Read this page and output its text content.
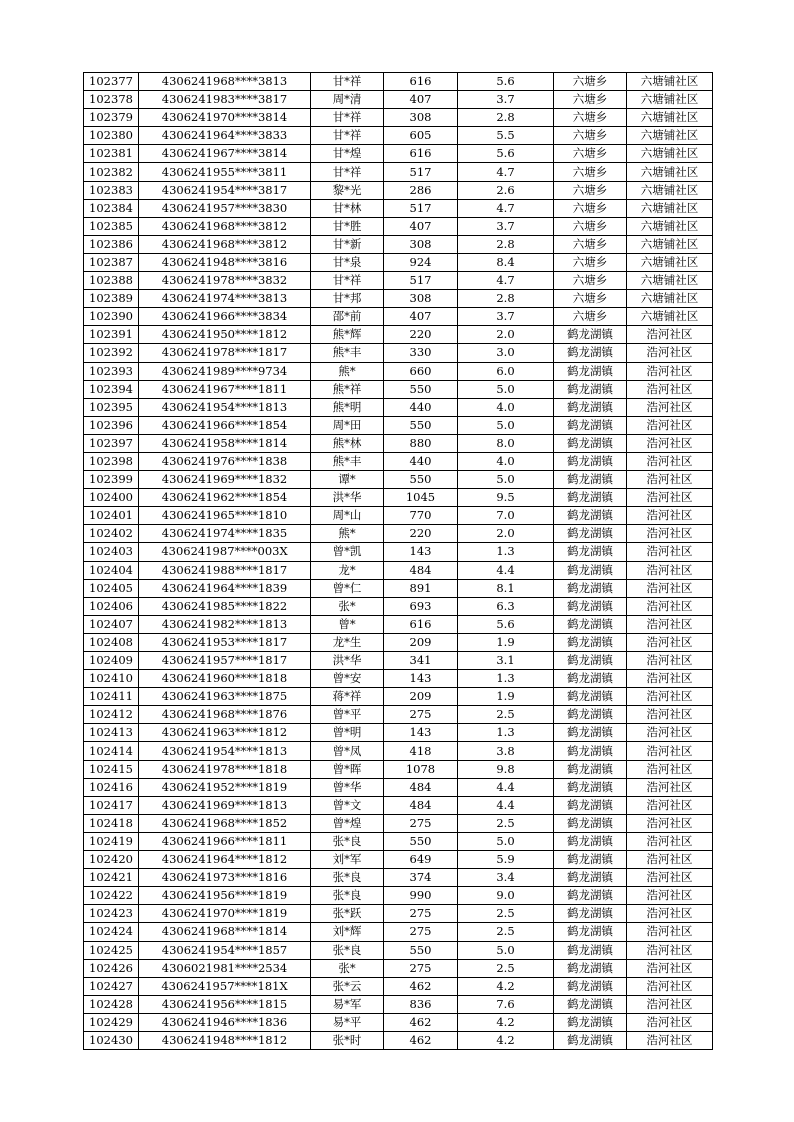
102377	4306241968****3813	甘*祥	616	5.6	六塘乡	六塘铺社区
102378	4306241983****3817	周*清	407	3.7	六塘乡	六塘铺社区
102379	4306241970****3814	甘*祥	308	2.8	六塘乡	六塘铺社区
102380	4306241964****3833	甘*祥	605	5.5	六塘乡	六塘铺社区
102381	4306241967****3814	甘*煌	616	5.6	六塘乡	六塘铺社区
102382	4306241955****3811	甘*祥	517	4.7	六塘乡	六塘铺社区
102383	4306241954****3817	黎*光	286	2.6	六塘乡	六塘铺社区
102384	4306241957****3830	甘*林	517	4.7	六塘乡	六塘铺社区
102385	4306241968****3812	甘*胜	407	3.7	六塘乡	六塘铺社区
102386	4306241968****3812	甘*新	308	2.8	六塘乡	六塘铺社区
102387	4306241948****3816	甘*泉	924	8.4	六塘乡	六塘铺社区
102388	4306241978****3832	甘*祥	517	4.7	六塘乡	六塘铺社区
102389	4306241974****3813	甘*邦	308	2.8	六塘乡	六塘铺社区
102390	4306241966****3834	邵*前	407	3.7	六塘乡	六塘铺社区
102391	4306241950****1812	熊*辉	220	2.0	鹤龙湖镇	浩河社区
102392	4306241978****1817	熊*丰	330	3.0	鹤龙湖镇	浩河社区
102393	4306241989****9734	熊*	660	6.0	鹤龙湖镇	浩河社区
102394	4306241967****1811	熊*祥	550	5.0	鹤龙湖镇	浩河社区
102395	4306241954****1813	熊*明	440	4.0	鹤龙湖镇	浩河社区
102396	4306241966****1854	周*田	550	5.0	鹤龙湖镇	浩河社区
102397	4306241958****1814	熊*林	880	8.0	鹤龙湖镇	浩河社区
102398	4306241976****1838	熊*丰	440	4.0	鹤龙湖镇	浩河社区
102399	4306241969****1832	谭*	550	5.0	鹤龙湖镇	浩河社区
102400	4306241962****1854	洪*华	1045	9.5	鹤龙湖镇	浩河社区
102401	4306241965****1810	周*山	770	7.0	鹤龙湖镇	浩河社区
102402	4306241974****1835	熊*	220	2.0	鹤龙湖镇	浩河社区
102403	4306241987****003X	曾*凯	143	1.3	鹤龙湖镇	浩河社区
102404	4306241988****1817	龙*	484	4.4	鹤龙湖镇	浩河社区
102405	4306241964****1839	曾*仁	891	8.1	鹤龙湖镇	浩河社区
102406	4306241985****1822	张*	693	6.3	鹤龙湖镇	浩河社区
102407	4306241982****1813	曾*	616	5.6	鹤龙湖镇	浩河社区
102408	4306241953****1817	龙*生	209	1.9	鹤龙湖镇	浩河社区
102409	4306241957****1817	洪*华	341	3.1	鹤龙湖镇	浩河社区
102410	4306241960****1818	曾*安	143	1.3	鹤龙湖镇	浩河社区
102411	4306241963****1875	蒋*祥	209	1.9	鹤龙湖镇	浩河社区
102412	4306241968****1876	曾*平	275	2.5	鹤龙湖镇	浩河社区
102413	4306241963****1812	曾*明	143	1.3	鹤龙湖镇	浩河社区
102414	4306241954****1813	曾*凤	418	3.8	鹤龙湖镇	浩河社区
102415	4306241978****1818	曾*晖	1078	9.8	鹤龙湖镇	浩河社区
102416	4306241952****1819	曾*华	484	4.4	鹤龙湖镇	浩河社区
102417	4306241969****1813	曾*文	484	4.4	鹤龙湖镇	浩河社区
102418	4306241968****1852	曾*煌	275	2.5	鹤龙湖镇	浩河社区
102419	4306241966****1811	张*良	550	5.0	鹤龙湖镇	浩河社区
102420	4306241964****1812	刘*军	649	5.9	鹤龙湖镇	浩河社区
102421	4306241973****1816	张*良	374	3.4	鹤龙湖镇	浩河社区
102422	4306241956****1819	张*良	990	9.0	鹤龙湖镇	浩河社区
102423	4306241970****1819	张*跃	275	2.5	鹤龙湖镇	浩河社区
102424	4306241968****1814	刘*辉	275	2.5	鹤龙湖镇	浩河社区
102425	4306241954****1857	张*良	550	5.0	鹤龙湖镇	浩河社区
102426	4306021981****2534	张*	275	2.5	鹤龙湖镇	浩河社区
102427	4306241957****181X	张*云	462	4.2	鹤龙湖镇	浩河社区
102428	4306241956****1815	易*军	836	7.6	鹤龙湖镇	浩河社区
102429	4306241946****1836	易*平	462	4.2	鹤龙湖镇	浩河社区
102430	4306241948****1812	张*时	462	4.2	鹤龙湖镇	浩河社区
